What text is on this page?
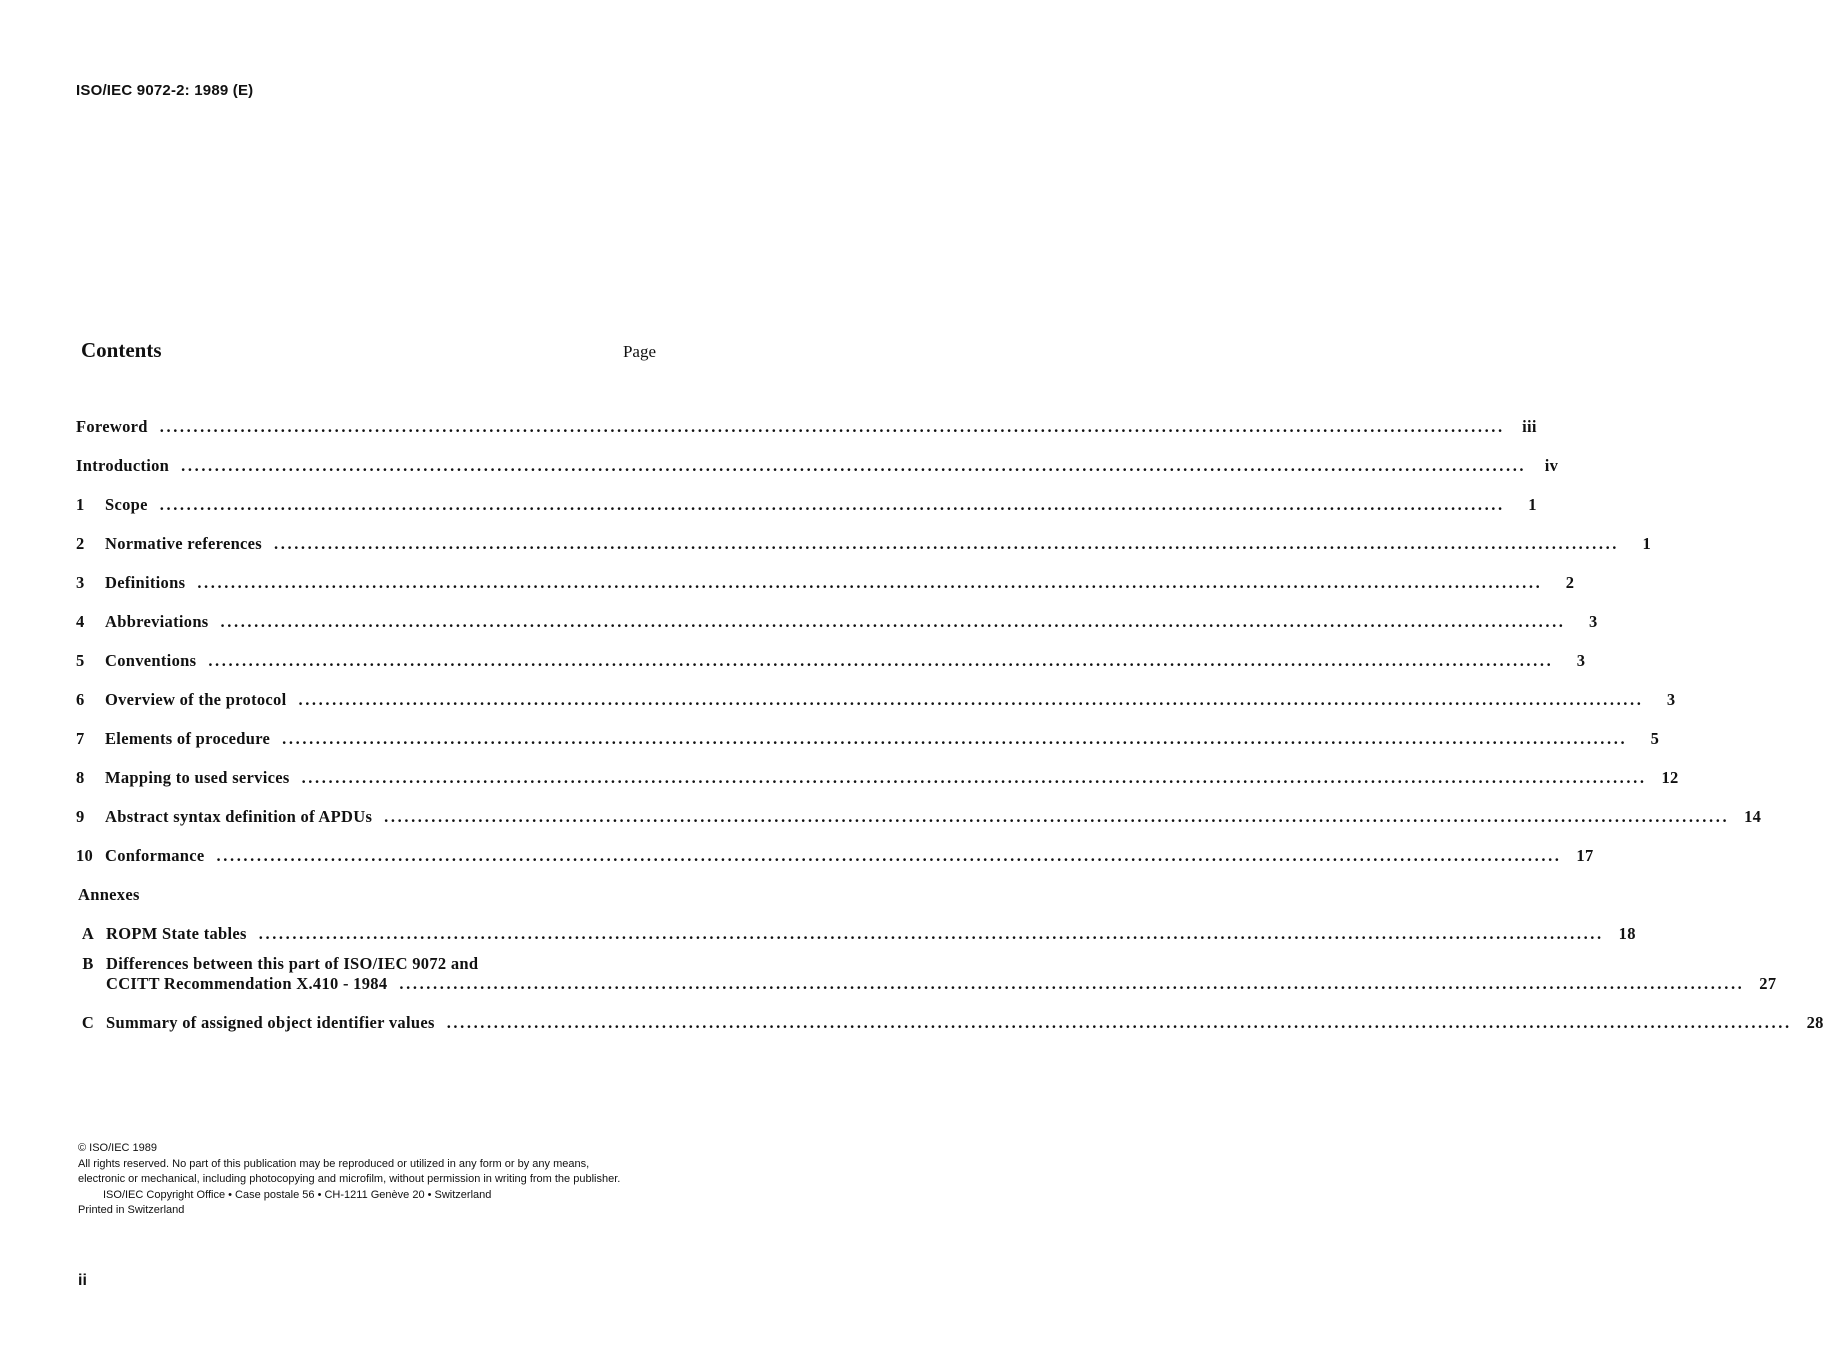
ISO/IEC 9072-2: 1989 (E)
Contents	Page
Foreword ........................................................................................................................................................................................................	iii
Introduction ........................................................................................................................................................................................................	iv
1	Scope ........................................................................................................................................................................................................	1
2	Normative references ........................................................................................................................................................................................................	1
3	Definitions ........................................................................................................................................................................................................	2
4	Abbreviations ........................................................................................................................................................................................................	3
5	Conventions ........................................................................................................................................................................................................	3
6	Overview of the protocol ........................................................................................................................................................................................................	3
7	Elements of procedure ........................................................................................................................................................................................................	5
8	Mapping to used services ........................................................................................................................................................................................................ 12
9	Abstract syntax definition of APDUs ........................................................................................................................................................................................................ 14
10 Conformance ........................................................................................................................................................................................................ 17
Annexes
A ROPM State tables ........................................................................................................................................................................................................ 18
B Differences between this part of ISO/IEC 9072 and
CCITT Recommendation X.410 - 1984 ........................................................................................................................................................................................................ 27
C Summary of assigned object identifier values ........................................................................................................................................................................................................ 28
© ISO/IEC 1989
All rights reserved. No part of this publication may be reproduced or utilized in any form or by any means, electronic or mechanical, including photocopying and microfilm, without permission in writing from the publisher.
ISO/IEC Copyright Office • Case postale 56 • CH-1211 Genève 20 • Switzerland
Printed in Switzerland
ii
